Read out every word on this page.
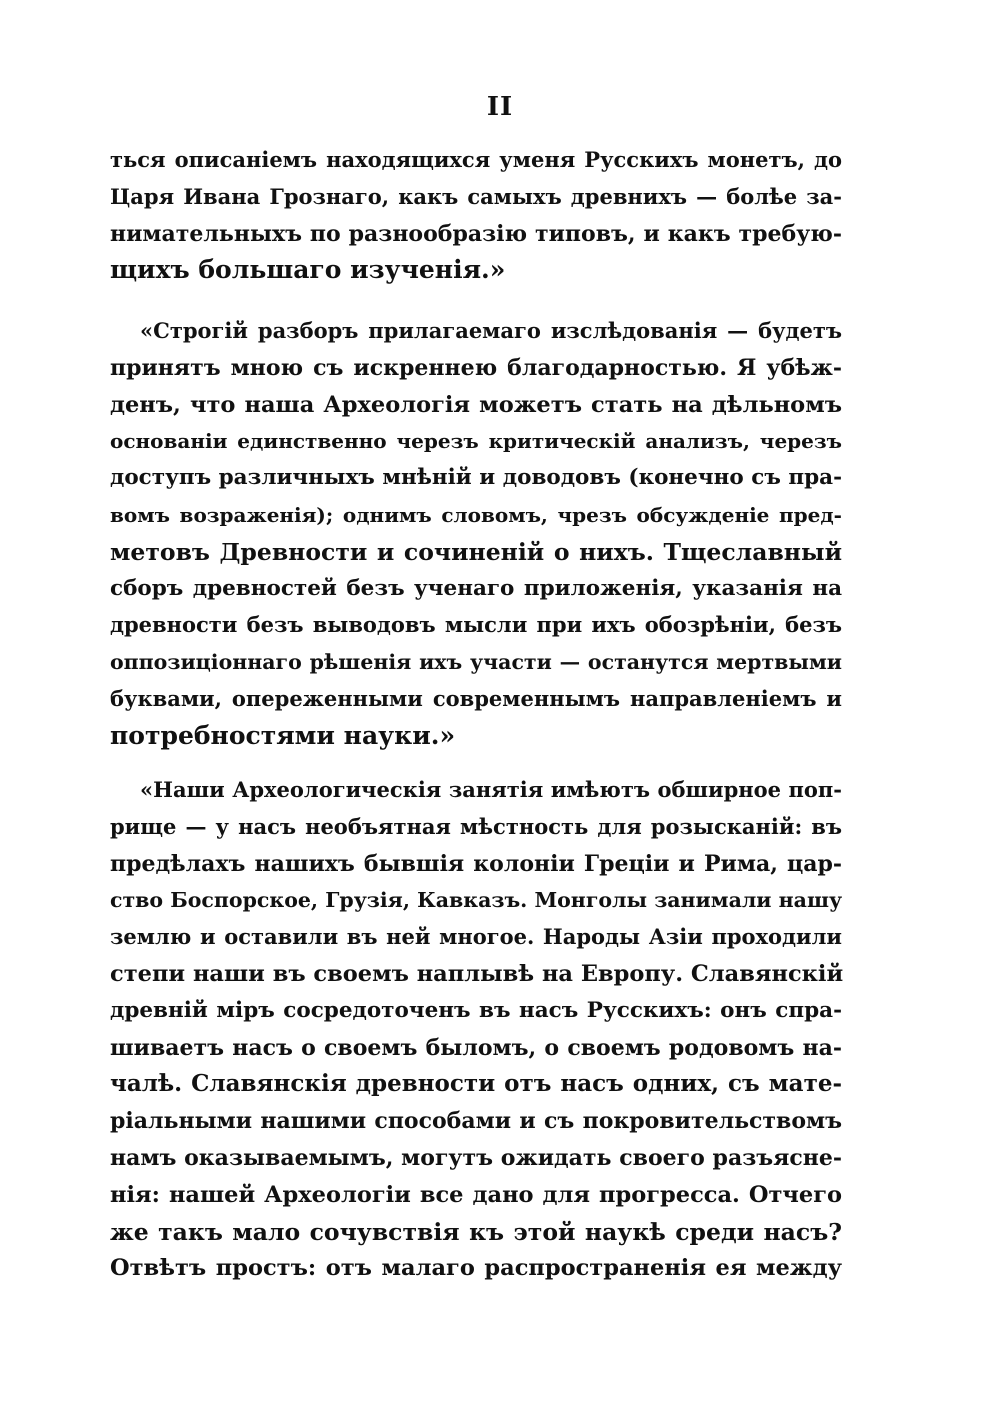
II
ться описаніемъ находящихся уменя Русскихъ монетъ, до
Царя Ивана Грознаго, какъ самыхъ древнихъ — болѣе за-
нимательныхъ по разнообразію типовъ, и какъ требую-
щихъ большаго изученія.»
«Строгій разборъ прилагаемаго изслѣдованія — будетъ
принятъ мною съ искреннею благодарностью. Я убѣж-
денъ, что наша Археологія можетъ стать на дѣльномъ
основаніи единственно черезъ критическій анализъ, черезъ
доступъ различныхъ мнѣній и доводовъ (конечно съ пра-
вомъ возраженія); однимъ словомъ, чрезъ обсужденіе пред-
метовъ Древности и сочиненій о нихъ. Тщеславный
сборъ древностей безъ ученаго приложенія, указанія на
древности безъ выводовъ мысли при ихъ обозрѣніи, безъ
оппозиціоннаго рѣшенія ихъ участи — останутся мертвыми
буквами, опереженными современнымъ направленіемъ и
потребностями науки.»
«Наши Археологическія занятія имѣютъ обширное поп-
рище — у насъ необъятная мѣстность для розысканій: въ
предѣлахъ нашихъ бывшія колоніи Греціи и Рима, цар-
ство Боспорское, Грузія, Кавказъ. Монголы занимали нашу
землю и оставили въ ней многое. Народы Азіи проходили
степи наши въ своемъ наплывѣ на Европу. Славянскій
древній міръ сосредоточенъ въ насъ Русскихъ: онъ спра-
шиваетъ насъ о своемъ быломъ, о своемъ родовомъ на-
чалѣ. Славянскія древности отъ насъ одних, съ мате-
ріальными нашими способами и съ покровительствомъ
намъ оказываемымъ, могутъ ожидать своего разъясне-
нія: нашей Археологіи все дано для прогресса. Отчего
же такъ мало сочувствія къ этой наукѣ среди насъ?
Отвѣтъ простъ: отъ малаго распространенія ея между
